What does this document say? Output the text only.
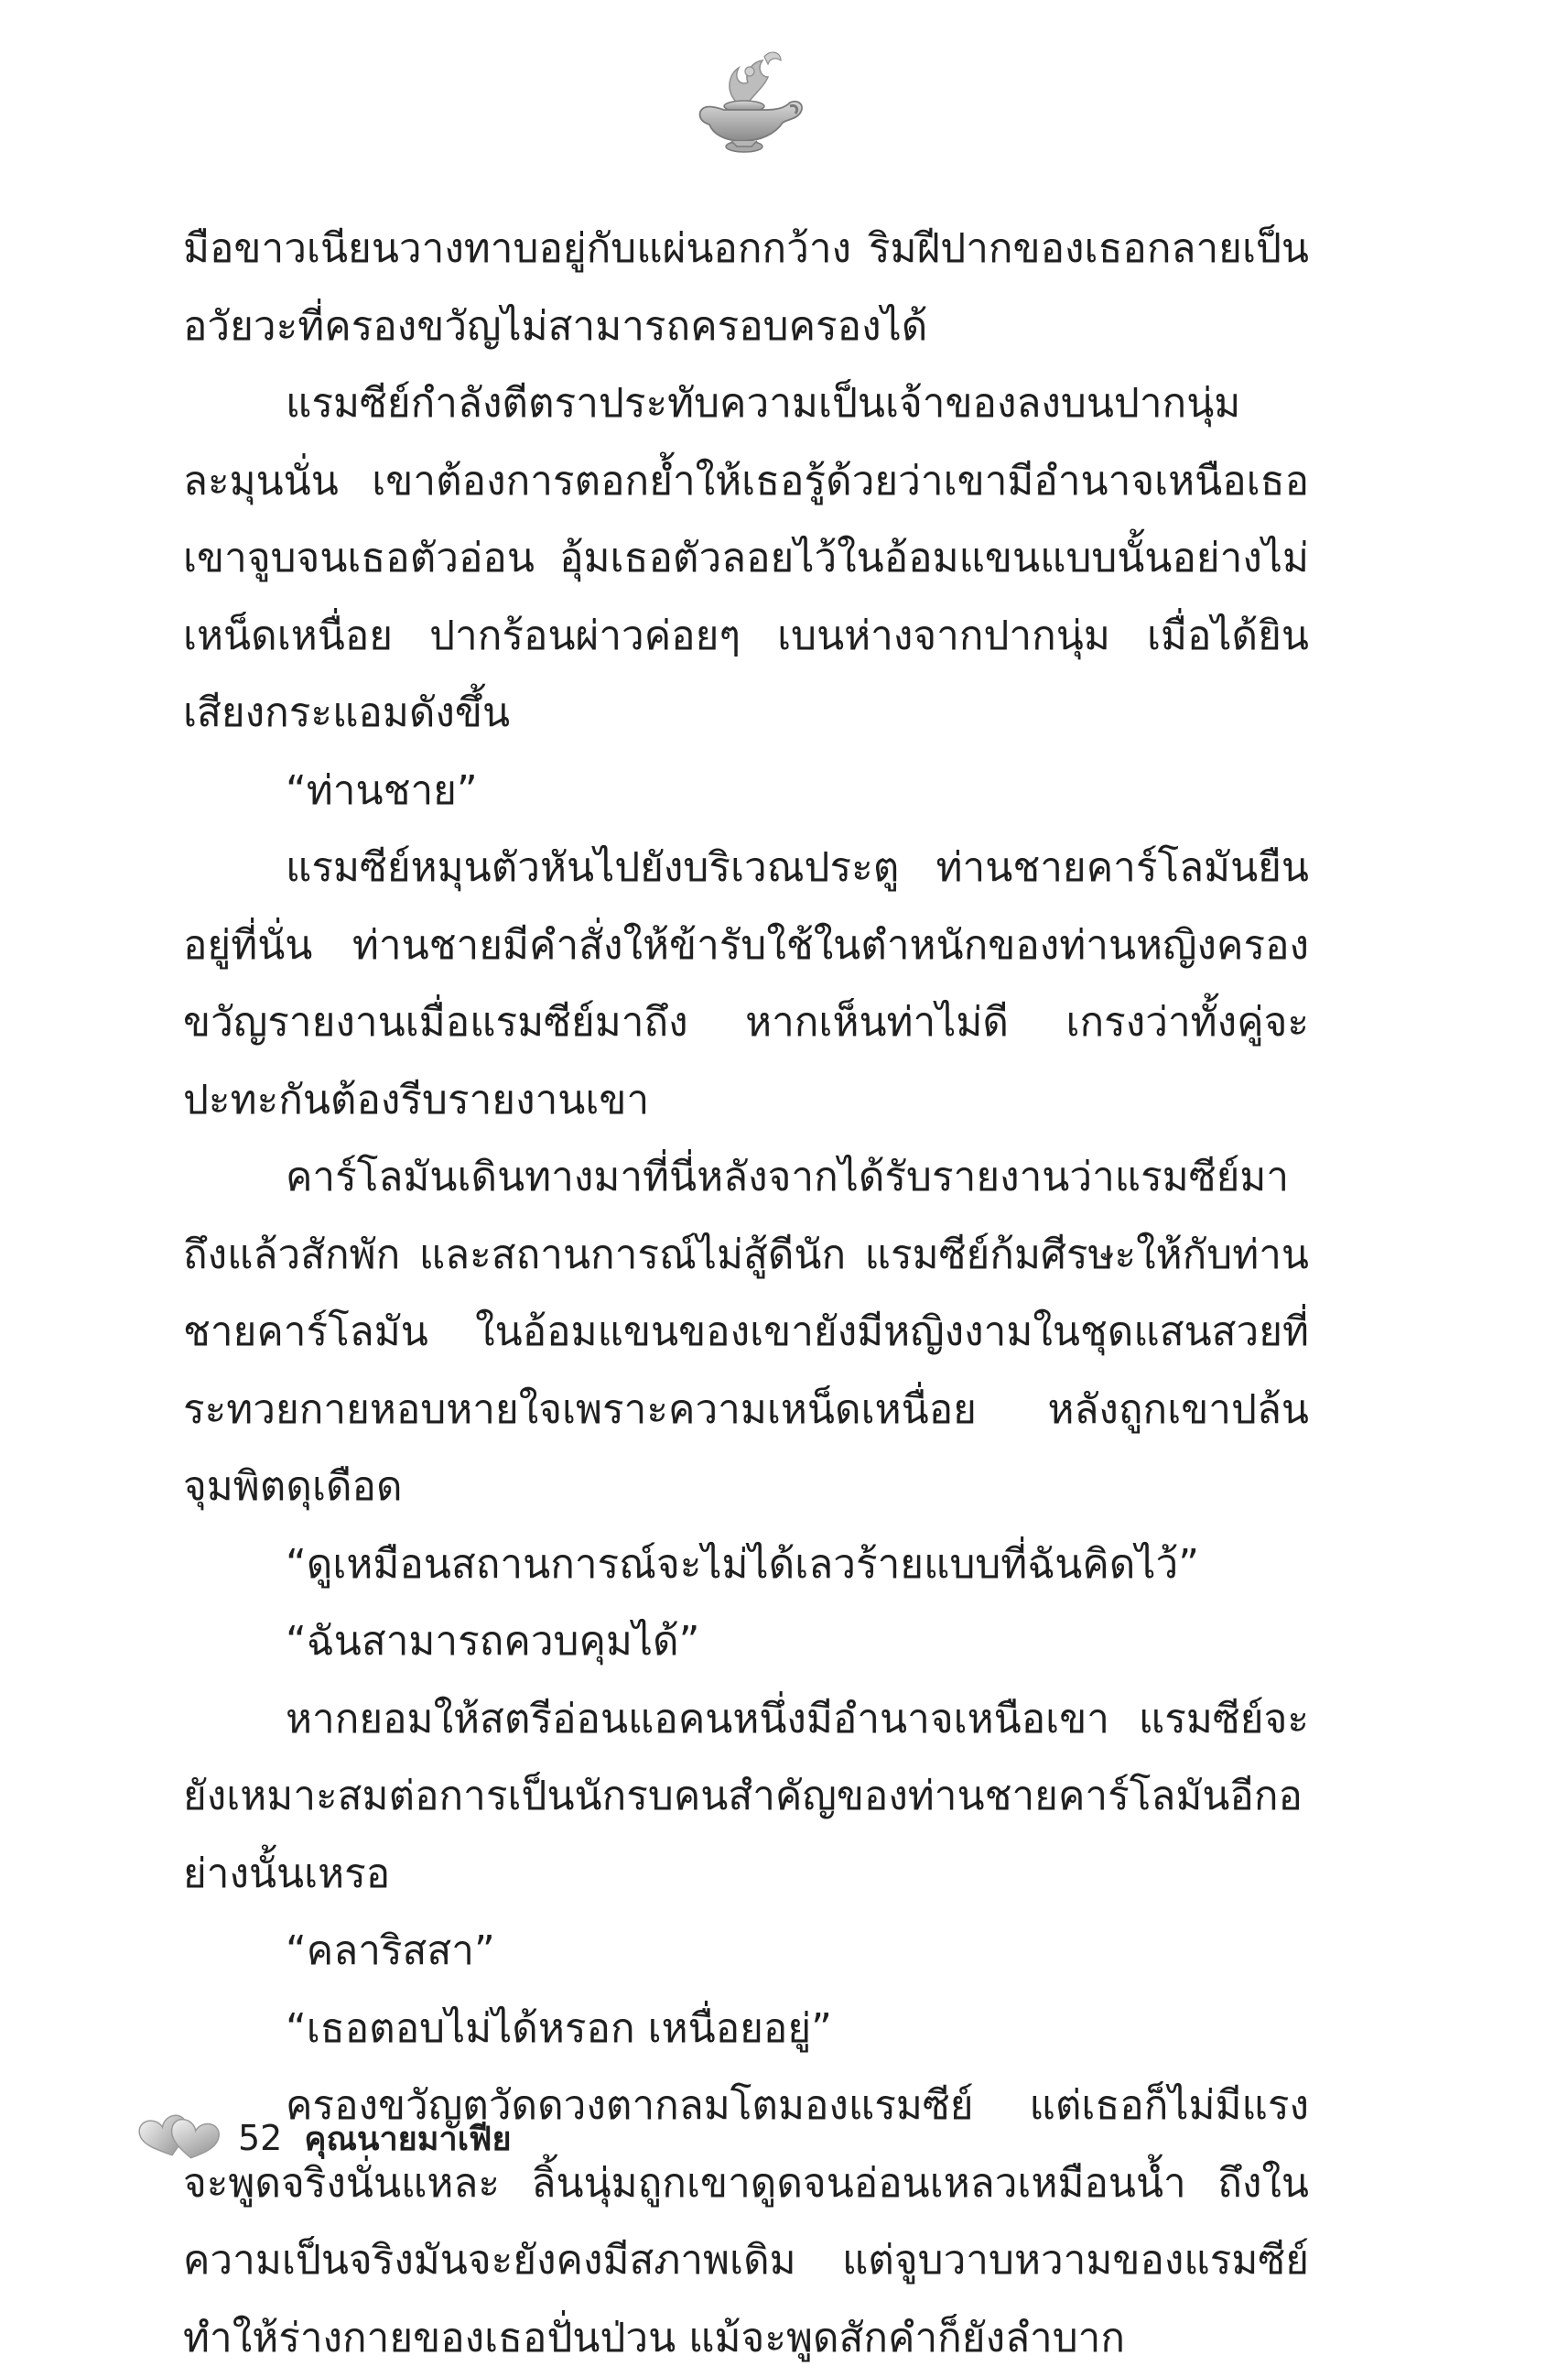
มือขาวเนียนวางทาบอยู่กับแผ่นอกกว้าง ริมฝีปากของเธอกลายเป็นอวัยวะที่ครองขวัญไม่สามารถครอบครองได้

แรมซีย์กำลังตีตราประทับความเป็นเจ้าของลงบนปากนุ่มละมุนนั่น เขาต้องการตอกย้ำให้เธอรู้ด้วยว่าเขามีอำนาจเหนือเธอ เขาจูบจนเธอตัวอ่อน อุ้มเธอตัวลอยไว้ในอ้อมแขนแบบนั้นอย่างไม่เหน็ดเหนื่อย ปากร้อนผ่าวค่อยๆ เบนห่างจากปากนุ่ม เมื่อได้ยินเสียงกระแอมดังขึ้น

“ท่านชาย”

แรมซีย์หมุนตัวหันไปยังบริเวณประตู ท่านชายคาร์โลมันยืนอยู่ที่นั่น ท่านชายมีคำสั่งให้ข้ารับใช้ในตำหนักของท่านหญิงครองขวัญรายงานเมื่อแรมซีย์มาถึง หากเห็นท่าไม่ดี เกรงว่าทั้งคู่จะปะทะกันต้องรีบรายงานเขา

คาร์โลมันเดินทางมาที่นี่หลังจากได้รับรายงานว่าแรมซีย์มาถึงแล้วสักพัก และสถานการณ์ไม่สู้ดีนัก แรมซีย์ก้มศีรษะให้กับท่านชายคาร์โลมัน ในอ้อมแขนของเขายังมีหญิงงามในชุดแสนสวยที่ระทวยกายหอบหายใจเพราะความเหน็ดเหนื่อย หลังถูกเขาปล้นจุมพิตดุเดือด

“ดูเหมือนสถานการณ์จะไม่ได้เลวร้ายแบบที่ฉันคิดไว้”

“ฉันสามารถควบคุมได้”

หากยอมให้สตรีอ่อนแอคนหนึ่งมีอำนาจเหนือเขา แรมซีย์จะยังเหมาะสมต่อการเป็นนักรบคนสำคัญของท่านชายคาร์โลมันอีกอย่างนั้นเหรอ

“คลาริสสา”

“เธอตอบไม่ได้หรอก เหนื่อยอยู่”

ครองขวัญตวัดดวงตากลมโตมองแรมซีย์ แต่เธอก็ไม่มีแรงจะพูดจริงนั่นแหละ ลิ้นนุ่มถูกเขาดูดจนอ่อนเหลวเหมือนน้ำ ถึงในความเป็นจริงมันจะยังคงมีสภาพเดิม แต่จูบวาบหวามของแรมซีย์ทำให้ร่างกายของเธอปั่นป่วน แม้จะพูดสักคำก็ยังลำบาก

52 คุณนายมาเฟีย
